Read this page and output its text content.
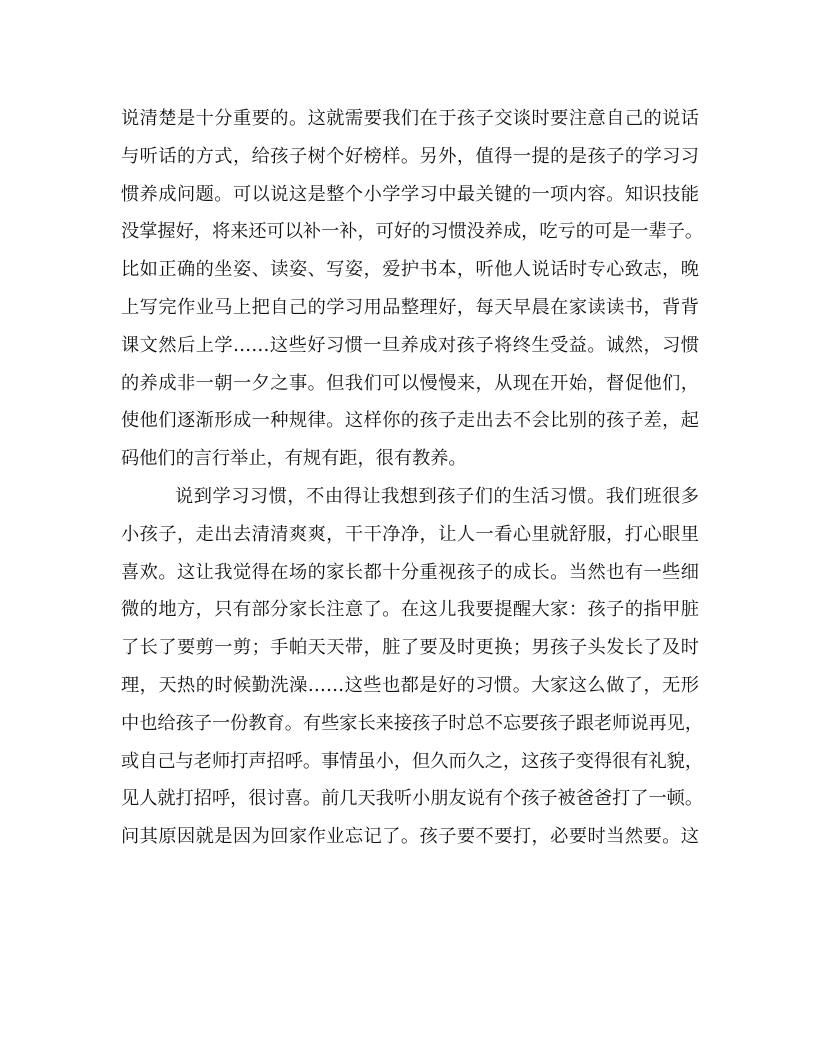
说清楚是十分重要的。这就需要我们在于孩子交谈时要注意自己的说话
与听话的方式，给孩子树个好榜样。另外，值得一提的是孩子的学习习
惯养成问题。可以说这是整个小学学习中最关键的一项内容。知识技能
没掌握好，将来还可以补一补，可好的习惯没养成，吃亏的可是一辈子。
比如正确的坐姿、读姿、写姿，爱护书本，听他人说话时专心致志，晚
上写完作业马上把自己的学习用品整理好，每天早晨在家读读书，背背
课文然后上学……这些好习惯一旦养成对孩子将终生受益。诚然，习惯
的养成非一朝一夕之事。但我们可以慢慢来，从现在开始，督促他们，
使他们逐渐形成一种规律。这样你的孩子走出去不会比别的孩子差，起
码他们的言行举止，有规有距，很有教养。
说到学习习惯，不由得让我想到孩子们的生活习惯。我们班很多
小孩子，走出去清清爽爽，干干净净，让人一看心里就舒服，打心眼里
喜欢。这让我觉得在场的家长都十分重视孩子的成长。当然也有一些细
微的地方，只有部分家长注意了。在这儿我要提醒大家：孩子的指甲脏
了长了要剪一剪；手帕天天带，脏了要及时更换；男孩子头发长了及时
理，天热的时候勤洗澡……这些也都是好的习惯。大家这么做了，无形
中也给孩子一份教育。有些家长来接孩子时总不忘要孩子跟老师说再见，
或自己与老师打声招呼。事情虽小，但久而久之，这孩子变得很有礼貌，
见人就打招呼，很讨喜。前几天我听小朋友说有个孩子被爸爸打了一顿。
问其原因就是因为回家作业忘记了。孩子要不要打，必要时当然要。这
